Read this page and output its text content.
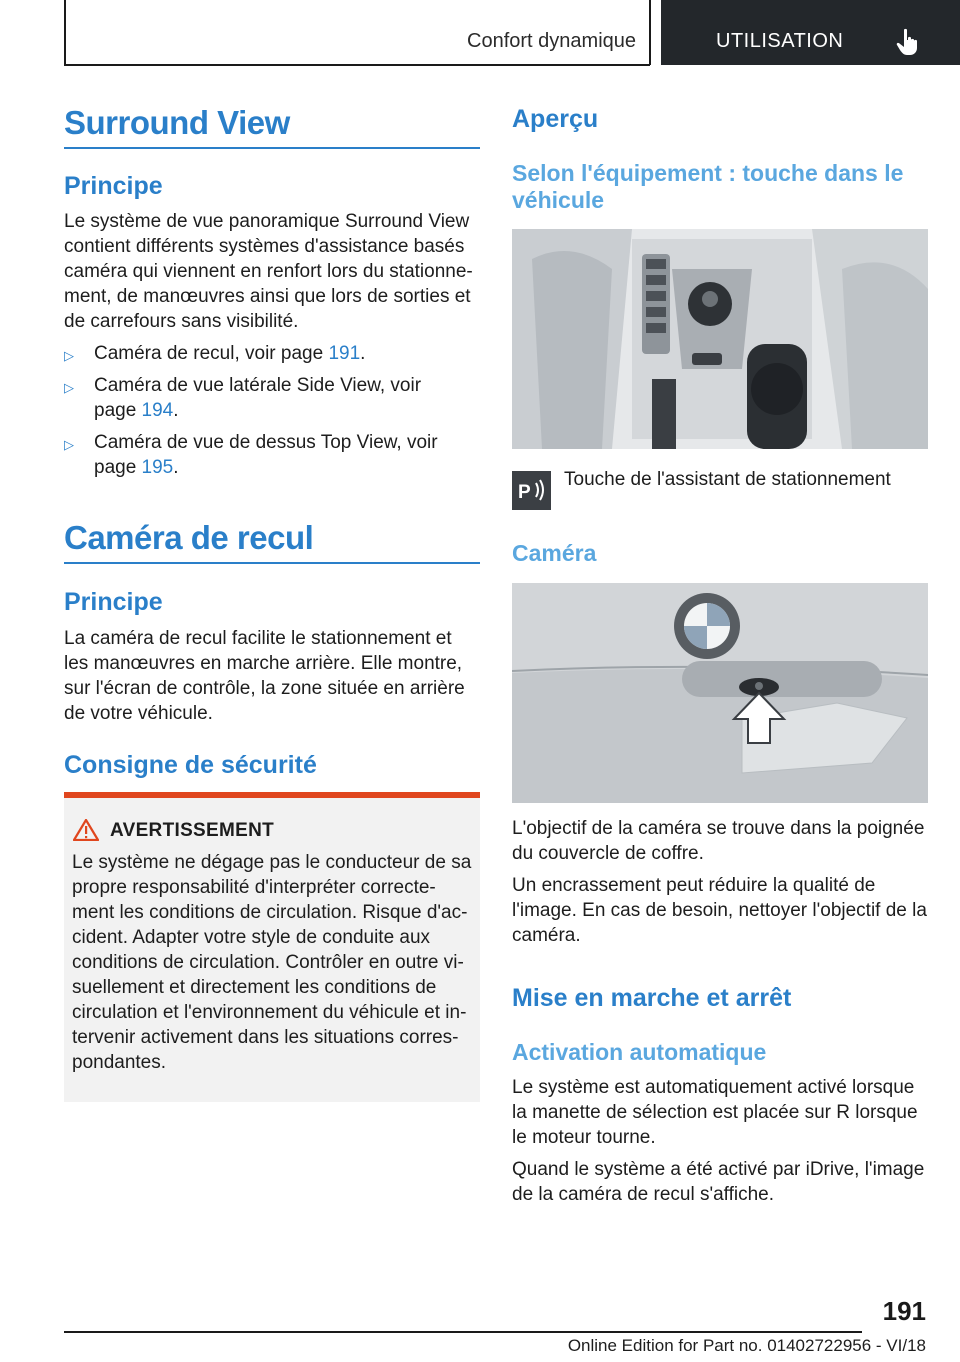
Confort dynamique	UTILISATION
Surround View
Principe
Le système de vue panoramique Surround View
contient différents systèmes d'assistance basés
caméra qui viennent en renfort lors du stationne-
ment, de manœuvres ainsi que lors de sorties et
de carrefours sans visibilité.
▷ Caméra de recul, voir page 191.
▷ Caméra de vue latérale Side View, voir
page 194.
▷ Caméra de vue de dessus Top View, voir
page 195.
Caméra de recul
Principe
La caméra de recul facilite le stationnement et
les manœuvres en marche arrière. Elle montre,
sur l'écran de contrôle, la zone située en arrière
de votre véhicule.
Consigne de sécurité
AVERTISSEMENT
Le système ne dégage pas le conducteur de sa
propre responsabilité d'interpréter correcte-
ment les conditions de circulation. Risque d'ac-
cident. Adapter votre style de conduite aux
conditions de circulation. Contrôler en outre vi-
suellement et directement les conditions de
circulation et l'environnement du véhicule et in-
tervenir activement dans les situations corres-
pondantes.
Aperçu
Selon l'équipement : touche dans le
véhicule
P
Touche de l'assistant de stationnement
Caméra
L'objectif de la caméra se trouve dans la poignée
du couvercle de coffre.
Un encrassement peut réduire la qualité de
l'image. En cas de besoin, nettoyer l'objectif de la
caméra.
Mise en marche et arrêt
Activation automatique
Le système est automatiquement activé lorsque
la manette de sélection est placée sur R lorsque
le moteur tourne.
Quand le système a été activé par iDrive, l'image
de la caméra de recul s'affiche.
191
Online Edition for Part no. 01402722956 - VI/18
